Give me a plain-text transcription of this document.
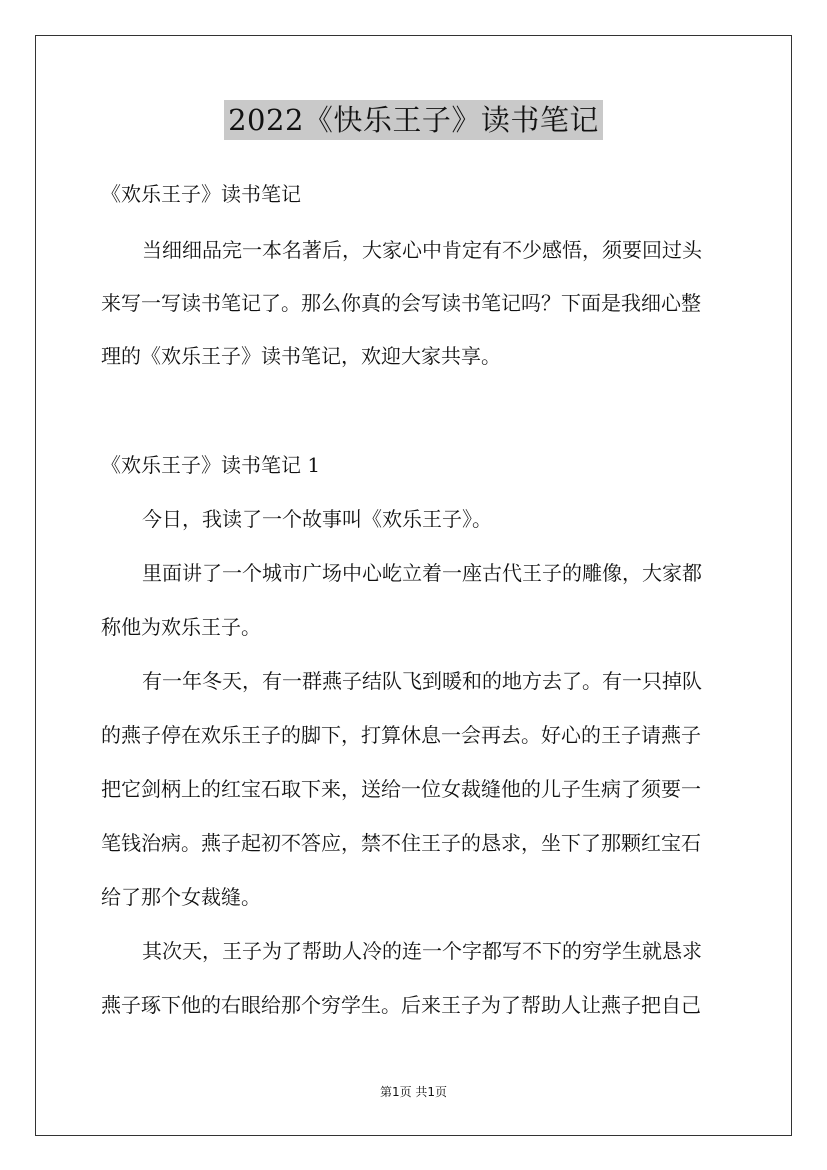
2022《快乐王子》读书笔记
《欢乐王子》读书笔记
当细细品完一本名著后，大家心中肯定有不少感悟，须要回过头
来写一写读书笔记了。那么你真的会写读书笔记吗？下面是我细心整
理的《欢乐王子》读书笔记，欢迎大家共享。
《欢乐王子》读书笔记 1
今日，我读了一个故事叫《欢乐王子》。
里面讲了一个城市广场中心屹立着一座古代王子的雕像，大家都
称他为欢乐王子。
有一年冬天，有一群燕子结队飞到暖和的地方去了。有一只掉队
的燕子停在欢乐王子的脚下，打算休息一会再去。好心的王子请燕子
把它剑柄上的红宝石取下来，送给一位女裁缝他的儿子生病了须要一
笔钱治病。燕子起初不答应，禁不住王子的恳求，坐下了那颗红宝石
给了那个女裁缝。
其次天，王子为了帮助人冷的连一个字都写不下的穷学生就恳求
燕子琢下他的右眼给那个穷学生。后来王子为了帮助人让燕子把自己
第1页 共1页
